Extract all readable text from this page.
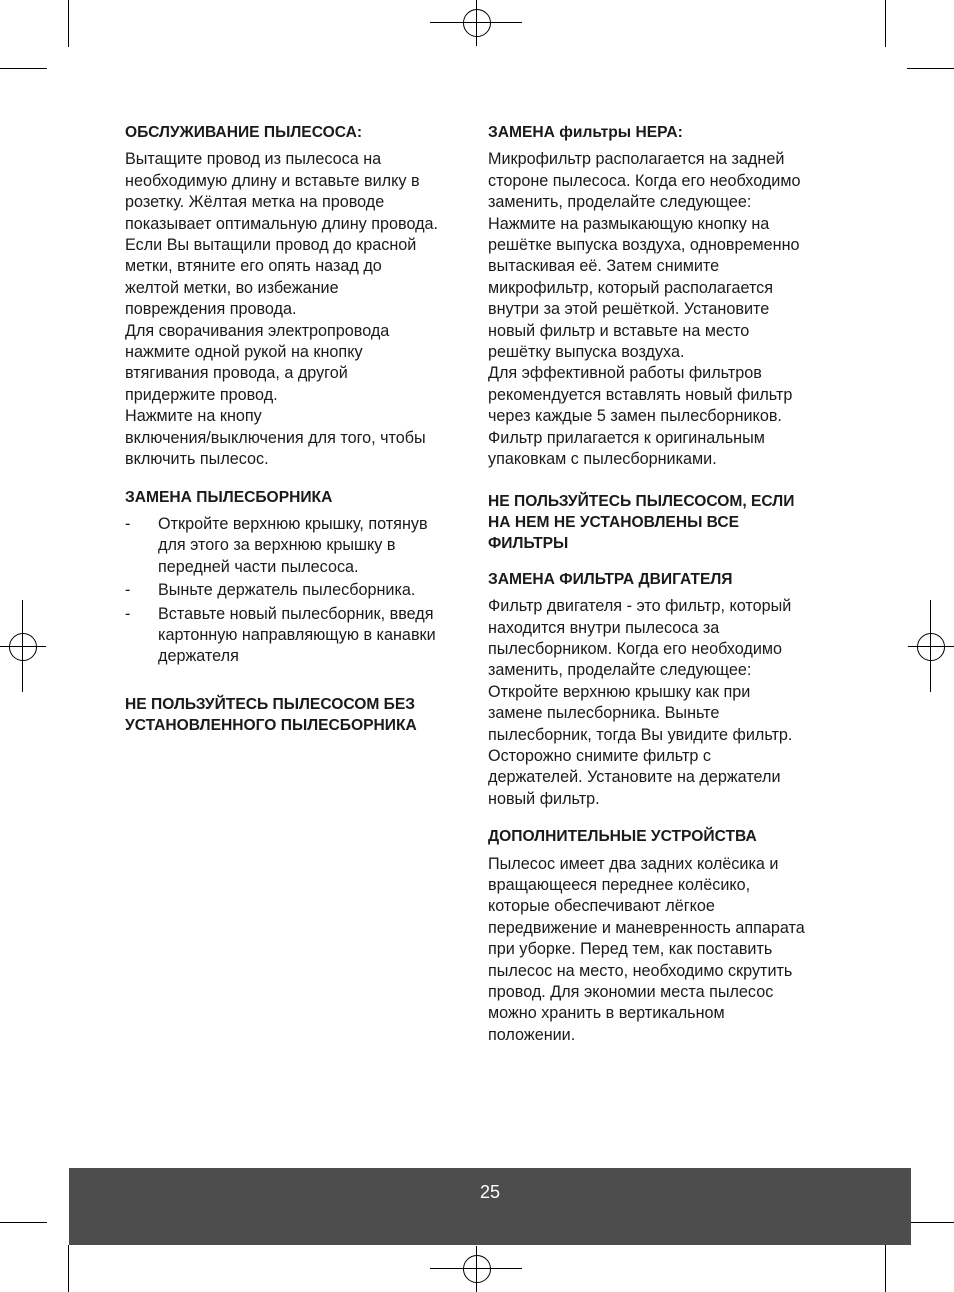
ОБСЛУЖИВАНИЕ ПЫЛЕСОСА:
Вытащите провод из пылесоса на
необходимую длину и вставьте вилку в
розетку. Жёлтая метка на проводе
показывает оптимальную длину провода.
Если Вы вытащили провод до красной
метки, втяните его опять назад до
желтой метки, во избежание
повреждения провода.
Для сворачивания электропровода
нажмите одной рукой на кнопку
втягивания провода, а другой
придержите провод.
Нажмите на кнопу
включения/выключения для того, чтобы
включить пылесос.
ЗАМЕНА ПЫЛЕСБОРНИКА
- Откройте верхнюю крышку, потянув
для этого за верхнюю крышку в
передней части пылесоса.
- Выньте держатель пылесборника.
- Вставьте новый пылесборник, введя
картонную направляющую в канавки
держателя
НЕ ПОЛЬЗУЙТЕСЬ ПЫЛЕСОСОМ БЕЗ
УСТАНОВЛЕННОГО ПЫЛЕСБОРНИКА
ЗАМЕНА фильтры HEPA:
Микрофильтр располагается на задней
стороне пылесоса. Когда его необходимо
заменить, проделайте следующее:
Нажмите на размыкающую кнопку на
решётке выпуска воздуха, одновременно
вытаскивая её. Затем снимите
микрофильтр, который располагается
внутри за этой решёткой. Установите
новый фильтр и вставьте на место
решётку выпуска воздуха.
Для эффективной работы фильтров
рекомендуется вставлять новый фильтр
через каждые 5 замен пылесборников.
Фильтр прилагается к оригинальным
упаковкам с пылесборниками.
НЕ ПОЛЬЗУЙТЕСЬ ПЫЛЕСОСОМ, ЕСЛИ
НА НЕМ НЕ УСТАНОВЛЕНЫ ВСЕ
ФИЛЬТРЫ
ЗАМЕНА ФИЛЬТРА ДВИГАТЕЛЯ
Фильтр двигателя - это фильтр, который
находится внутри пылесоса за
пылесборником. Когда его необходимо
заменить, проделайте следующее:
Откройте верхнюю крышку как при
замене пылесборника. Выньте
пылесборник, тогда Вы увидите фильтр.
Осторожно снимите фильтр с
держателей. Установите на держатели
новый фильтр.
ДОПОЛНИТЕЛЬНЫЕ УСТРОЙСТВА
Пылесос имеет два задних колёсика и
вращающееся переднее колёсико,
которые обеспечивают лёгкое
передвижение и маневренность аппарата
при уборке. Перед тем, как поставить
пылесос на место, необходимо скрутить
провод. Для экономии места пылесос
можно хранить в вертикальном
положении.
25
